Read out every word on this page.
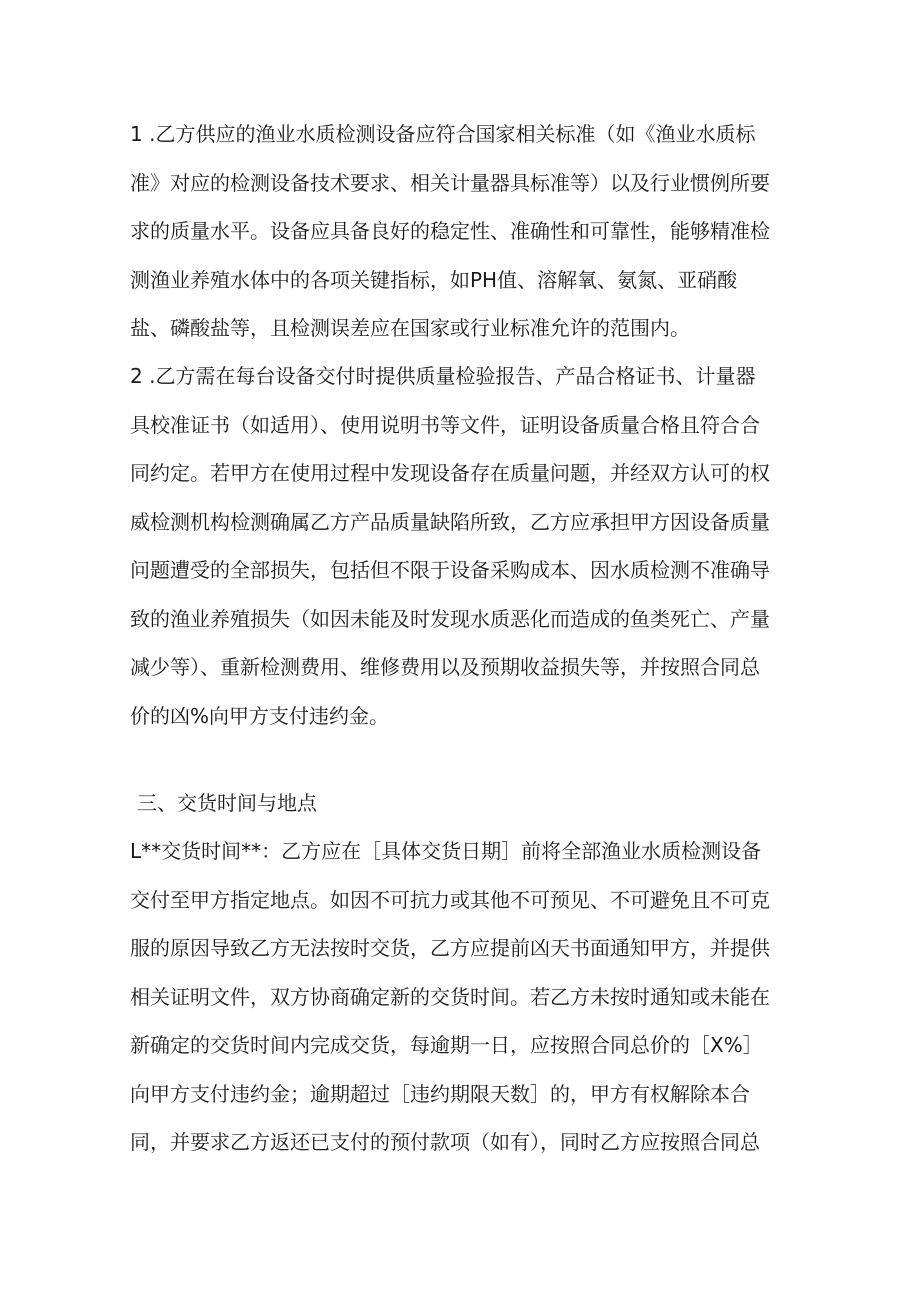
1 .乙方供应的渔业水质检测设备应符合国家相关标准（如《渔业水质标
准》对应的检测设备技术要求、相关计量器具标准等）以及行业惯例所要
求的质量水平。设备应具备良好的稳定性、准确性和可靠性，能够精准检
测渔业养殖水体中的各项关键指标，如PH值、溶解氧、氨氮、亚硝酸
盐、磷酸盐等，且检测误差应在国家或行业标准允许的范围内。
2 .乙方需在每台设备交付时提供质量检验报告、产品合格证书、计量器
具校准证书（如适用）、使用说明书等文件，证明设备质量合格且符合合
同约定。若甲方在使用过程中发现设备存在质量问题，并经双方认可的权
威检测机构检测确属乙方产品质量缺陷所致，乙方应承担甲方因设备质量
问题遭受的全部损失，包括但不限于设备采购成本、因水质检测不准确导
致的渔业养殖损失（如因未能及时发现水质恶化而造成的鱼类死亡、产量
减少等）、重新检测费用、维修费用以及预期收益损失等，并按照合同总
价的凶%向甲方支付违约金。
三、交货时间与地点
L**交货时间**：乙方应在［具体交货日期］前将全部渔业水质检测设备
交付至甲方指定地点。如因不可抗力或其他不可预见、不可避免且不可克
服的原因导致乙方无法按时交货，乙方应提前凶天书面通知甲方，并提供
相关证明文件，双方协商确定新的交货时间。若乙方未按时通知或未能在
新确定的交货时间内完成交货，每逾期一日，应按照合同总价的［X%］
向甲方支付违约金；逾期超过［违约期限天数］的，甲方有权解除本合
同，并要求乙方返还已支付的预付款项（如有），同时乙方应按照合同总
